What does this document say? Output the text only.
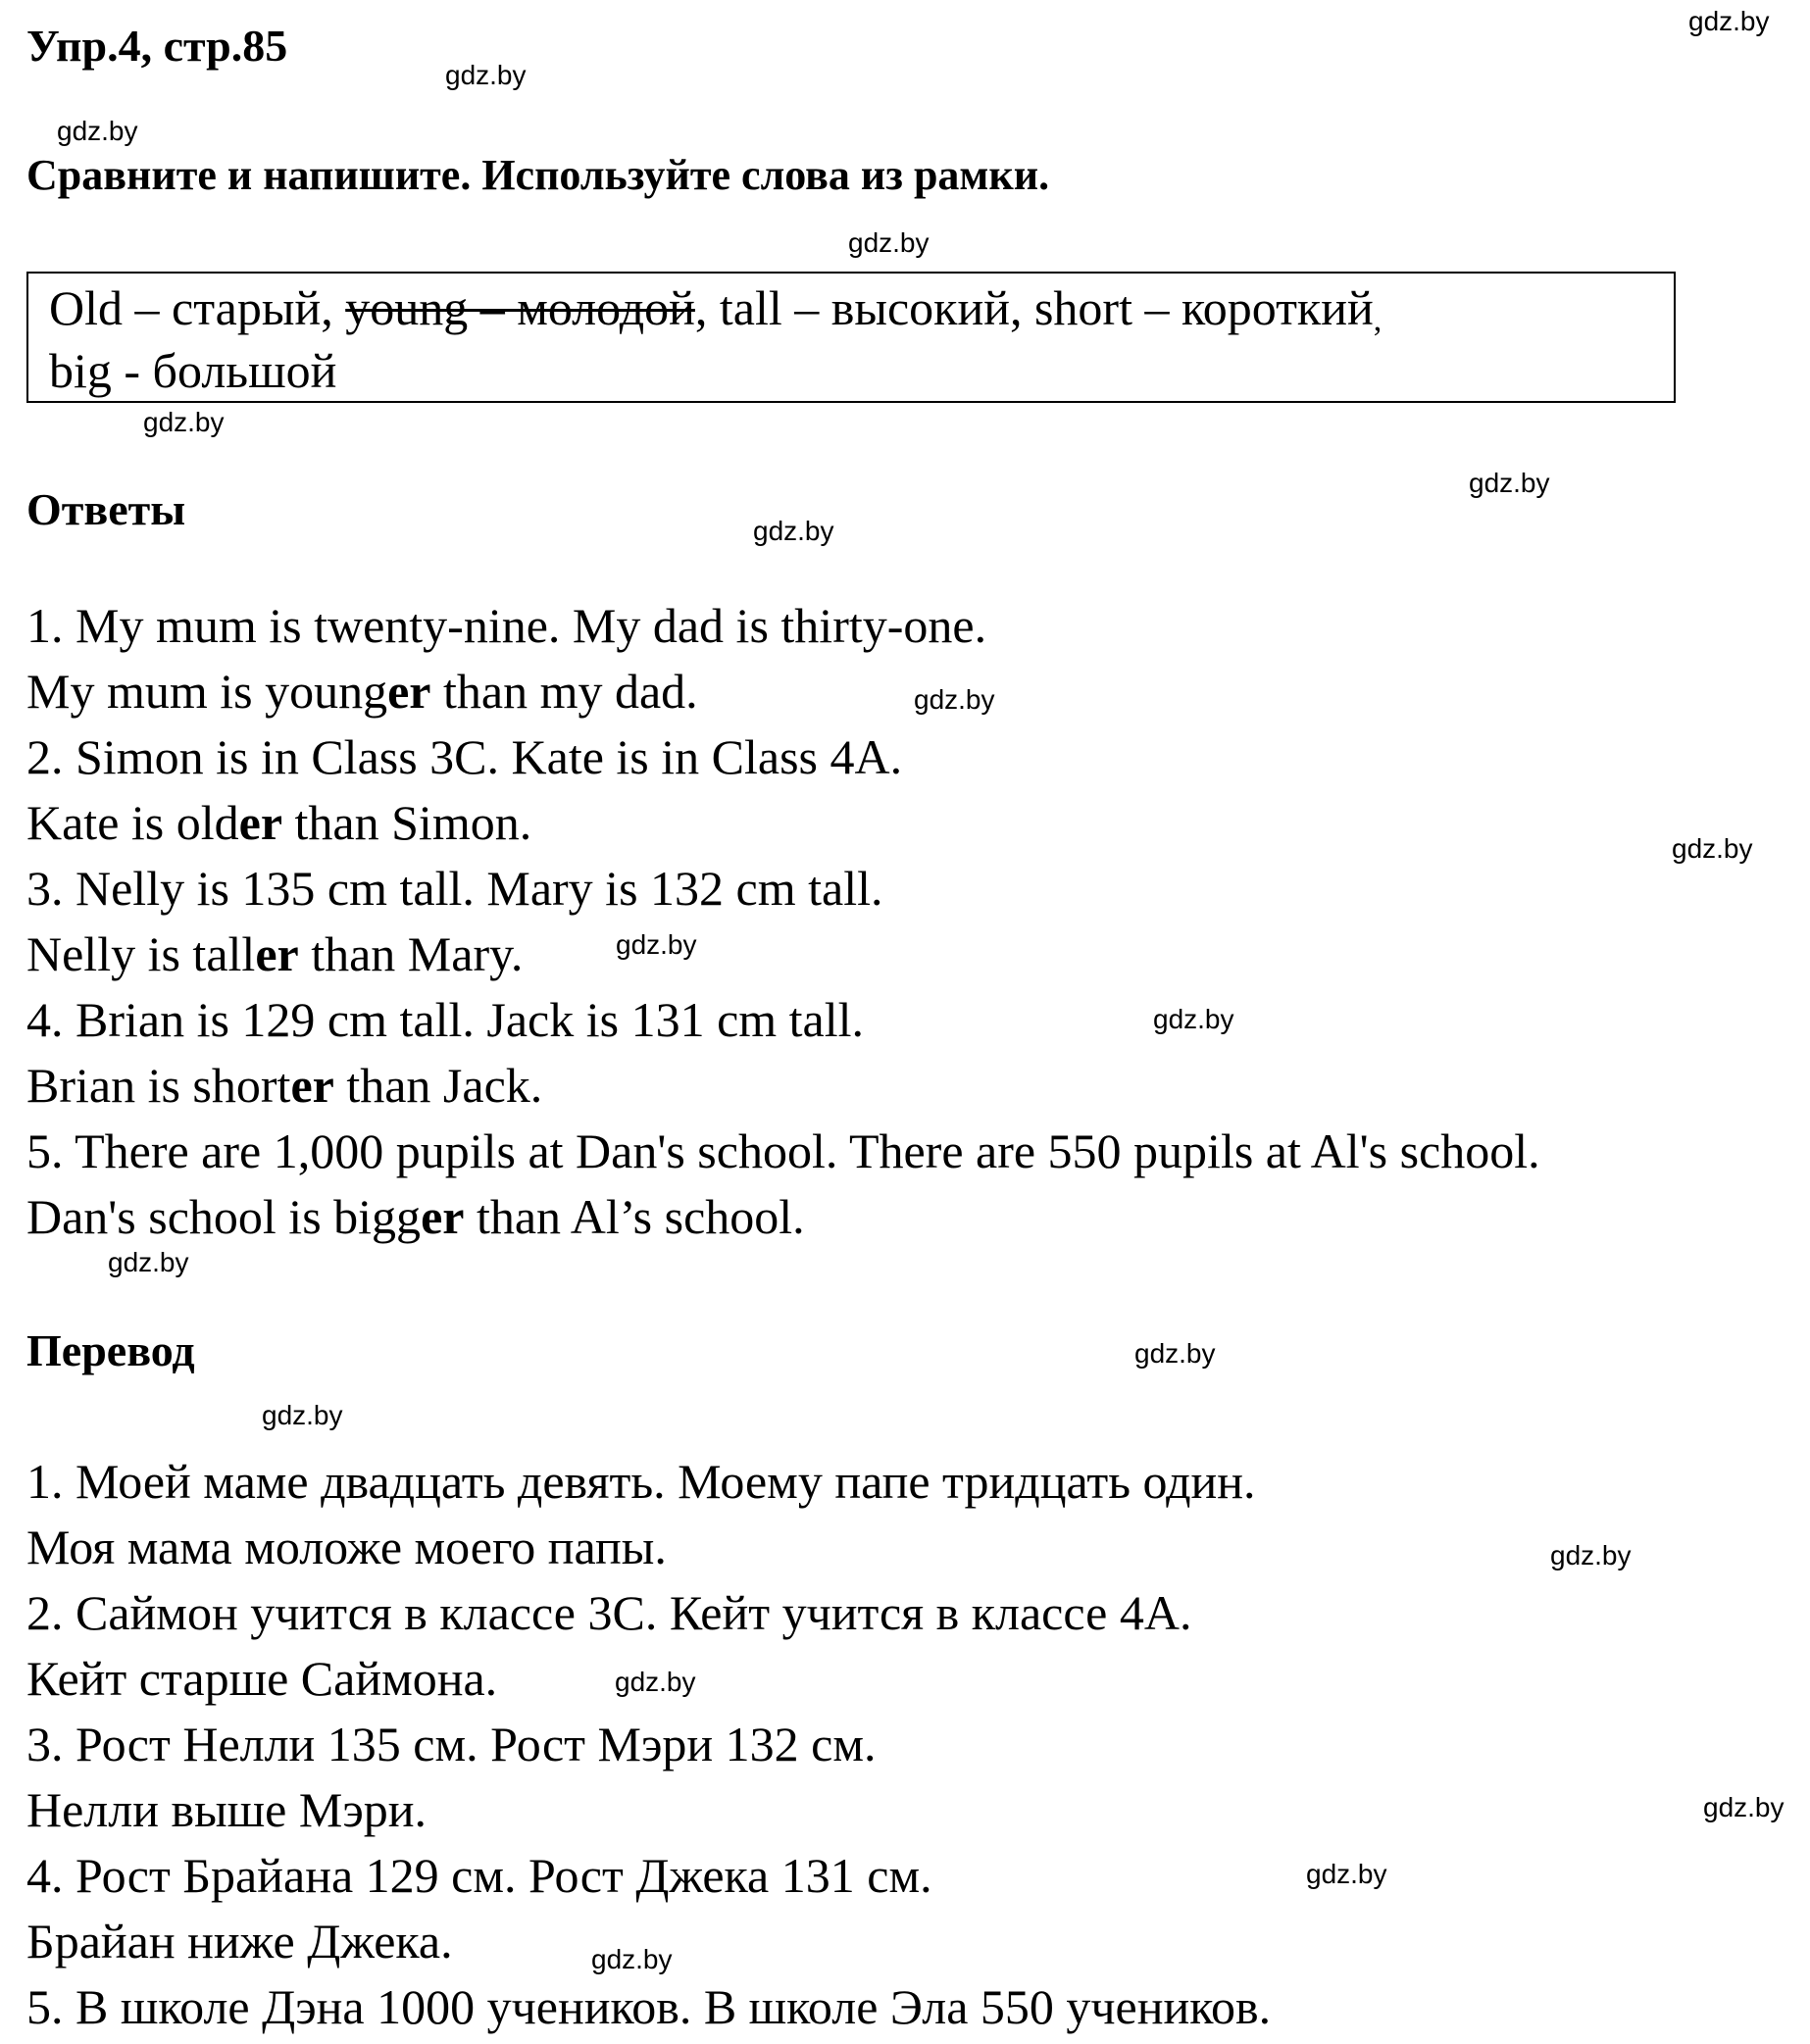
Упр.4, стр.85
Сравните и напишите. Используйте слова из рамки.
Old – старый, young – молодой, tall – высокий, short – короткий,
big - большой
Ответы
1. My mum is twenty-nine. My dad is thirty-one.
My mum is younger than my dad.
2. Simon is in Class 3C. Kate is in Class 4A.
Kate is older than Simon.
3. Nelly is 135 cm tall. Mary is 132 cm tall.
Nelly is taller than Mary.
4. Brian is 129 cm tall. Jack is 131 cm tall.
Brian is shorter than Jack.
5. There are 1,000 pupils at Dan's school. There are 550 pupils at Al's school.
Dan's school is bigger than Al’s school.
Перевод
1. Моей маме двадцать девять. Моему папе тридцать один.
Моя мама моложе моего папы.
2. Саймон учится в классе 3C. Кейт учится в классе 4A.
Кейт старше Саймона.
3. Рост Нелли 135 см. Рост Мэри 132 см.
Нелли выше Мэри.
4. Рост Брайана 129 см. Рост Джека 131 см.
Брайан ниже Джека.
5. В школе Дэна 1000 учеников. В школе Эла 550 учеников.
gdz.by
gdz.by
gdz.by
gdz.by
gdz.by
gdz.by
gdz.by
gdz.by
gdz.by
gdz.by
gdz.by
gdz.by
gdz.by
gdz.by
gdz.by
gdz.by
gdz.by
gdz.by
gdz.by
